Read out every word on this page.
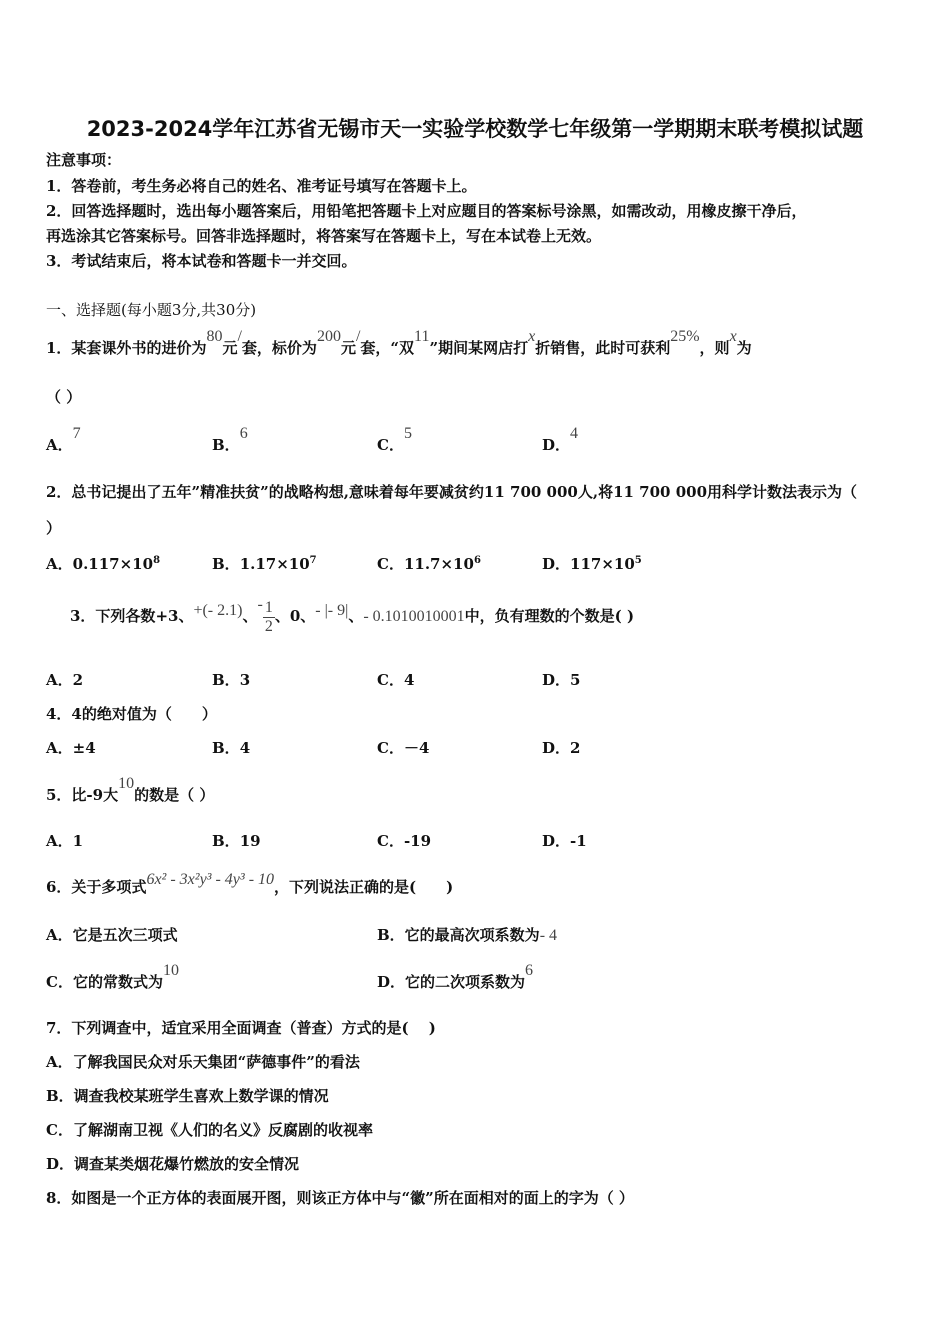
2023-2024学年江苏省无锡市天一实验学校数学七年级第一学期期末联考模拟试题
注意事项：
1．答卷前，考生务必将自己的姓名、准考证号填写在答题卡上。
2．回答选择题时，选出每小题答案后，用铅笔把答题卡上对应题目的答案标号涂黑，如需改动，用橡皮擦干净后，
再选涂其它答案标号。回答非选择题时，将答案写在答题卡上，写在本试卷上无效。
3．考试结束后，将本试卷和答题卡一并交回。
一、选择题(每小题3分,共30分)
1．某套课外书的进价为80元/套，标价为200元/套，“双11”期间某网店打x折销售，此时可获利25%，则x为
（ ）
A．7
B．6
C．5
D．4
2．总书记提出了五年”精准扶贫”的战略构想,意味着每年要减贫约11 700 000人,将11 700 000用科学计数法表示为（
）
A．$0.117\times 10^8$	B．$1.17\times 10^7$	C．$11.7\times 10^6$	D．$117\times 10^5$
3．下列各数+3、+(- 2.1)、- $\frac{1}{2}$ 、0、- |- 9|、- 0.1010010001中，负有理数的个数是( )
A．2	B．3	C．4	D．5
4．4的绝对值为（　　）
A．±4	B．4	C．－4	D．2
5．比-9大10的数是（ ）
A．1	B．19	C．-19	D．-1
6．关于多项式6x² - 3x²y³ - 4y³ - 10，下列说法正确的是(　　)
A．它是五次三项式	B．它的最高次项系数为- 4
C．它的常数式为10
D．它的二次项系数为6
7．下列调查中，适宜采用全面调查（普查）方式的是(　 )
A．了解我国民众对乐天集团“萨德事件”的看法
B．调查我校某班学生喜欢上数学课的情况
C．了解湖南卫视《人们的名义》反腐剧的收视率
D．调查某类烟花爆竹燃放的安全情况
8．如图是一个正方体的表面展开图，则该正方体中与“徽”所在面相对的面上的字为（ ）
